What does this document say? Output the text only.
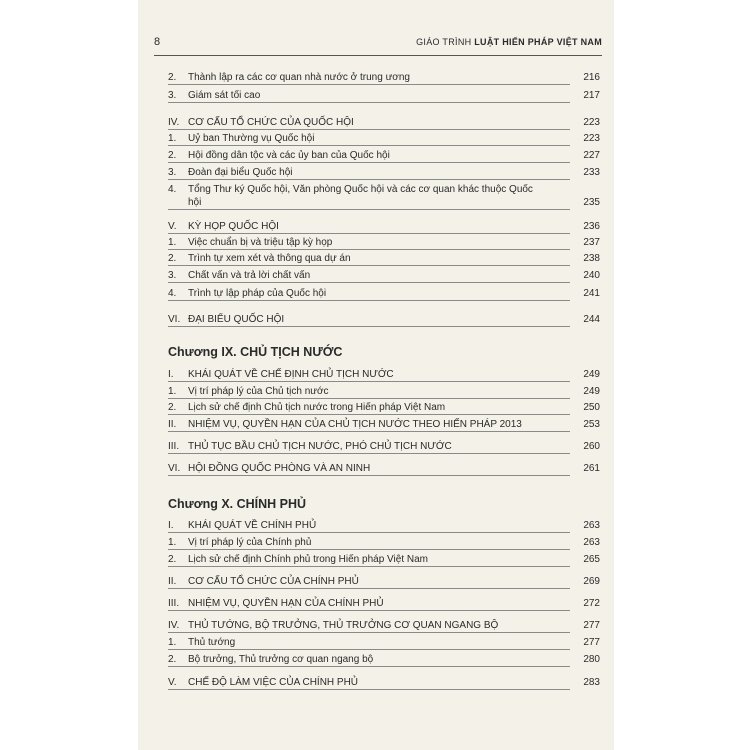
8	GIÁO TRÌNH LUẬT HIẾN PHÁP VIỆT NAM
2. Thành lập ra các cơ quan nhà nước ở trung ương	216
3. Giám sát tối cao	217
IV. CƠ CẤU TỔ CHỨC CỦA QUỐC HỘI	223
1. Uỷ ban Thường vụ Quốc hội	223
2. Hội đồng dân tộc và các ủy ban của Quốc hội	227
3. Đoàn đại biểu Quốc hội	233
4. Tổng Thư ký Quốc hội, Văn phòng Quốc hội và các cơ quan khác thuộc Quốc hội	235
V. KỲ HỌP QUỐC HỘI	236
1. Việc chuẩn bị và triệu tập kỳ họp	237
2. Trình tự xem xét và thông qua dự án	238
3. Chất vấn và trả lời chất vấn	240
4. Trình tự lập pháp của Quốc hội	241
VI. ĐẠI BIỂU QUỐC HỘI	244
Chương IX. CHỦ TỊCH NƯỚC
I. KHÁI QUÁT VỀ CHẾ ĐỊNH CHỦ TỊCH NƯỚC	249
1. Vị trí pháp lý của Chủ tịch nước	249
2. Lịch sử chế định Chủ tịch nước trong Hiến pháp Việt Nam	250
II. NHIỆM VỤ, QUYỀN HẠN CỦA CHỦ TỊCH NƯỚC THEO HIẾN PHÁP 2013	253
III. THỦ TỤC BẦU CHỦ TỊCH NƯỚC, PHÓ CHỦ TỊCH NƯỚC	260
VI. HỘI ĐỒNG QUỐC PHÒNG VÀ AN NINH	261
Chương X. CHÍNH PHỦ
I. KHÁI QUÁT VỀ CHÍNH PHỦ	263
1. Vị trí pháp lý của Chính phủ	263
2. Lịch sử chế định Chính phủ trong Hiến pháp Việt Nam	265
II. CƠ CẤU TỔ CHỨC CỦA CHÍNH PHỦ	269
III. NHIỆM VỤ, QUYỀN HẠN CỦA CHÍNH PHỦ	272
IV. THỦ TƯỚNG, BỘ TRƯỞNG, THỦ TRƯỞNG CƠ QUAN NGANG BỘ	277
1. Thủ tướng	277
2. Bộ trưởng, Thủ trưởng cơ quan ngang bộ	280
V. CHẾ ĐỘ LÀM VIỆC CỦA CHÍNH PHỦ	283
